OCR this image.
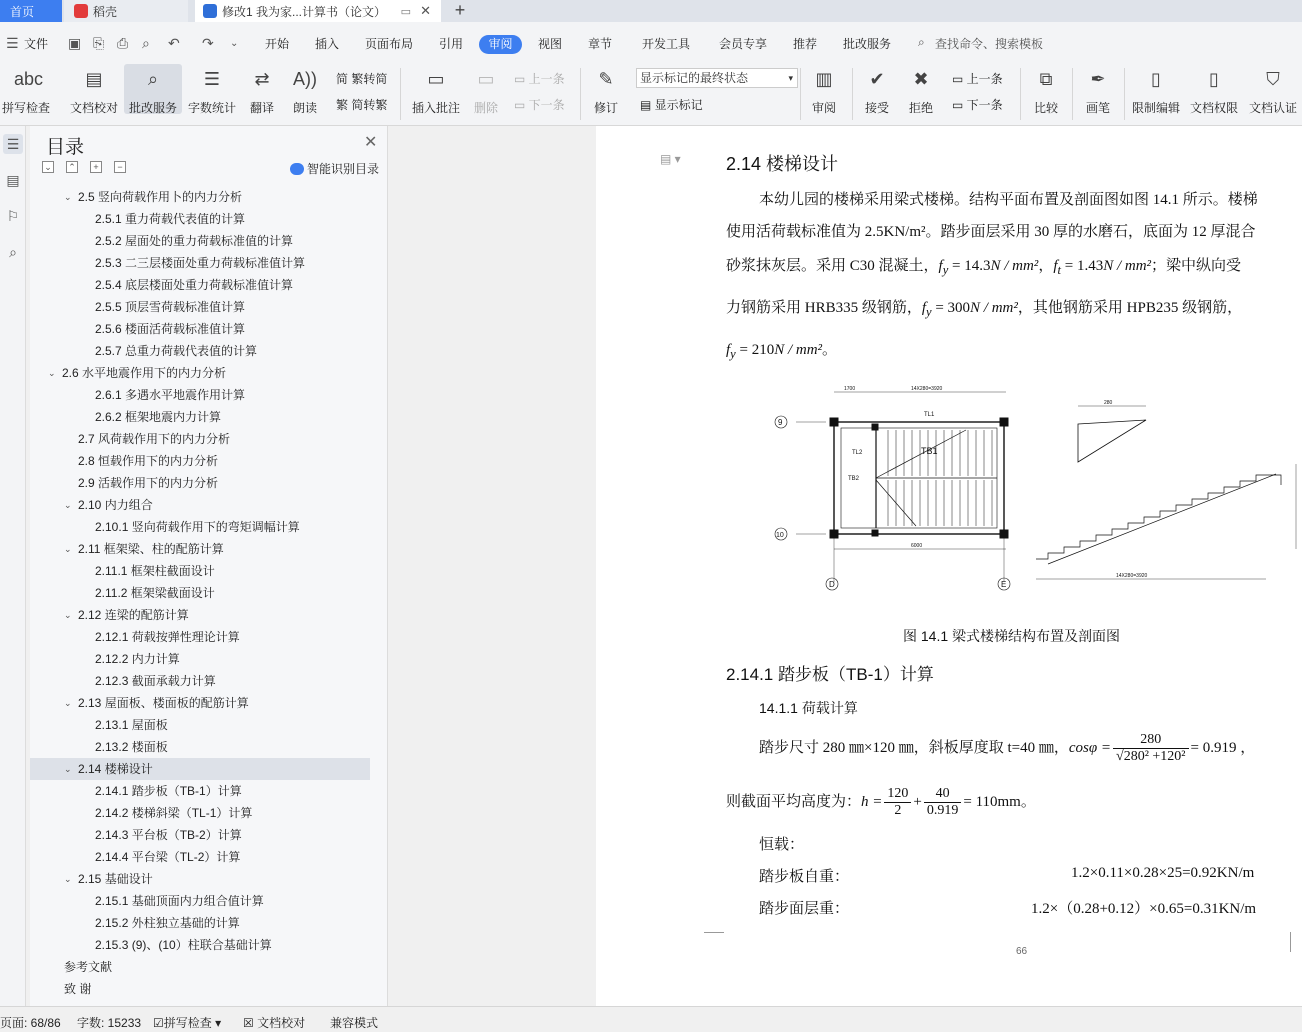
首页	稻壳	修改1 我为家...计算书（论文） ▭ ✕ +
☰ 文件 ▣ ⎘ ⎙ ⌕ ↶ ↷ ⌄ 开始 插入 页面布局 引用	审阅	视图 章节 开发工具 会员专享 推荐 批改服务 ⌕ 查找命令、搜索模板
abc
拼写检查
▤
文档校对
⌕
批改服务
☰
字数统计
⇄
翻译
A))
朗读
简 繁转简
繁 简转繁
▭
插入批注
▭
删除
▭ 上一条
▭ 下一条
✎
修订
显示标记的最终状态	▾
▤ 显示标记
▥
审阅
✔
接受
✖
拒绝
▭ 上一条
▭ 下一条
⧉
比较
✒
画笔
▯
限制编辑
▯
文档权限
⛉
文档认证
☰
▤
⚐
⌕
目录	✕
⌄ ⌃	+	−	智能识别目录
⌄ 2.5 竖向荷载作用卜的内力分析
2.5.1 重力荷载代表值的计算
2.5.2 屋面处的重力荷载标准值的计算
2.5.3 二三层楼面处重力荷载标准值计算
2.5.4 底层楼面处重力荷载标准值计算
2.5.5 顶层雪荷载标准值计算
2.5.6 楼面活荷载标准值计算
2.5.7 总重力荷载代表值的计算
⌄ 2.6 水平地震作用下的内力分析
2.6.1 多遇水平地震作用计算
2.6.2 框架地震内力计算
2.7 风荷载作用下的内力分析
2.8 恒载作用下的内力分析
2.9 活载作用下的内力分析
⌄ 2.10 内力组合
2.10.1 竖向荷载作用下的弯矩调幅计算
⌄ 2.11 框架梁、柱的配筋计算
2.11.1 框架柱截面设计
2.11.2 框架梁截面设计
⌄ 2.12 连梁的配筋计算
2.12.1 荷载按弹性理论计算
2.12.2 内力计算
2.12.3 截面承载力计算
⌄ 2.13 屋面板、楼面板的配筋计算
2.13.1 屋面板
2.13.2 楼面板
⌄ 2.14 楼梯设计
2.14.1 踏步板（TB-1）计算
2.14.2 楼梯斜梁（TL-1）计算
2.14.3 平台板（TB-2）计算
2.14.4 平台梁（TL-2）计算
⌄ 2.15 基础设计
2.15.1 基础顶面内力组合值计算
2.15.2 外柱独立基础的计算
2.15.3 (9)、(10）柱联合基础计算
参考文献
致 谢
▤ ▾	2.14 楼梯设计
本幼儿园的楼梯采用梁式楼梯。结构平面布置及剖面图如图 14.1 所示。楼梯
使用活荷载标准值为 2.5KN/m²。踏步面层采用 30 厚的水磨石，底面为 12 厚混合
砂浆抹灰层。采用 C30 混凝土，$f_y = 14.3N / mm^2$，$f_t = 1.43N / mm^2$；梁中纵向受
力钢筋采用 HRB335 级钢筋，$f_y = 300N / mm^2$，其他钢筋采用 HPB235 级钢筋，
$f_y = 210N / mm^2$。
9
10
D	E
TL1
TL2	TB1
TB2
1700	14X280=3920
6000
280
14X280=3920
图 14.1 梁式楼梯结构布置及剖面图
2.14.1 踏步板（TB-1）计算
14.1.1 荷载计算
踏步尺寸 280 ㎜×120 ㎜，斜板厚度取 t=40 ㎜，$\cos\varphi = \frac{280}{\text{√280² +120²}} = 0.919$ ，
则截面平均高度为：$h = \frac{120}{2} + \frac{40}{0.919} = 110mm$。
恒载：
踏步板自重：	1.2×0.11×0.28×25=0.92KN/m
踏步面层重：	1.2×（0.28+0.12）×0.65=0.31KN/m
66
页面: 68/86 字数: 15233 ☑拼写检查 ▾ ☒ 文档校对 兼容模式
